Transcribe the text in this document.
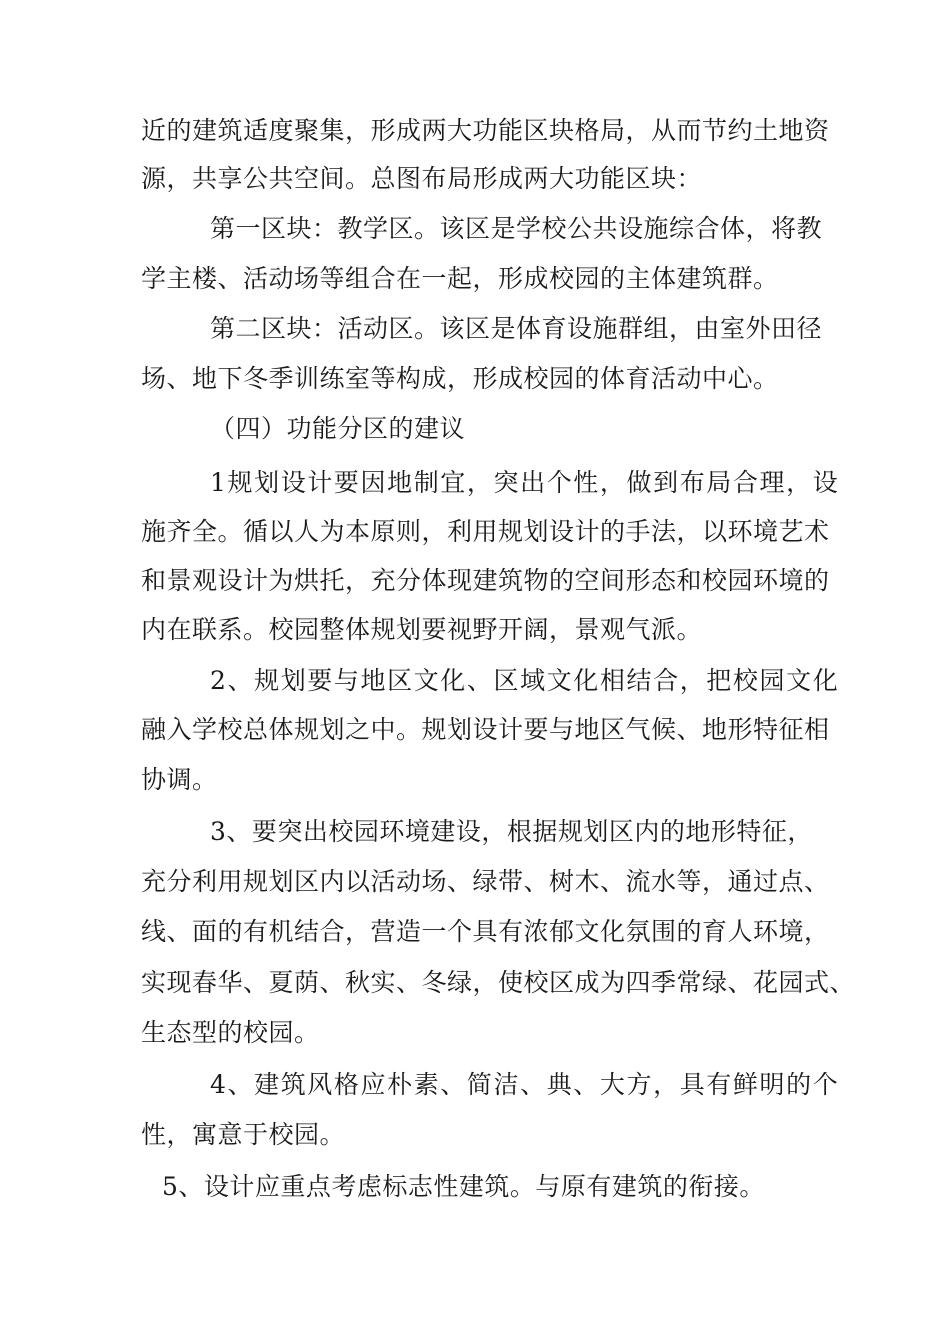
近的建筑适度聚集，形成两大功能区块格局，从而节约土地资
源，共享公共空间。总图布局形成两大功能区块：
第一区块：教学区。该区是学校公共设施综合体，将教
学主楼、活动场等组合在一起，形成校园的主体建筑群。
第二区块：活动区。该区是体育设施群组，由室外田径
场、地下冬季训练室等构成，形成校园的体育活动中心。
（四）功能分区的建议
1规划设计要因地制宜，突出个性，做到布局合理，设
施齐全。循以人为本原则，利用规划设计的手法，以环境艺术
和景观设计为烘托，充分体现建筑物的空间形态和校园环境的
内在联系。校园整体规划要视野开阔，景观气派。
2、规划要与地区文化、区域文化相结合，把校园文化
融入学校总体规划之中。规划设计要与地区气候、地形特征相
协调。
3、要突出校园环境建设，根据规划区内的地形特征，
充分利用规划区内以活动场、绿带、树木、流水等，通过点、
线、面的有机结合，营造一个具有浓郁文化氛围的育人环境，
实现春华、夏荫、秋实、冬绿，使校区成为四季常绿、花园式、
生态型的校园。
4、建筑风格应朴素、简洁、典、大方，具有鲜明的个
性，寓意于校园。
5、设计应重点考虑标志性建筑。与原有建筑的衔接。
